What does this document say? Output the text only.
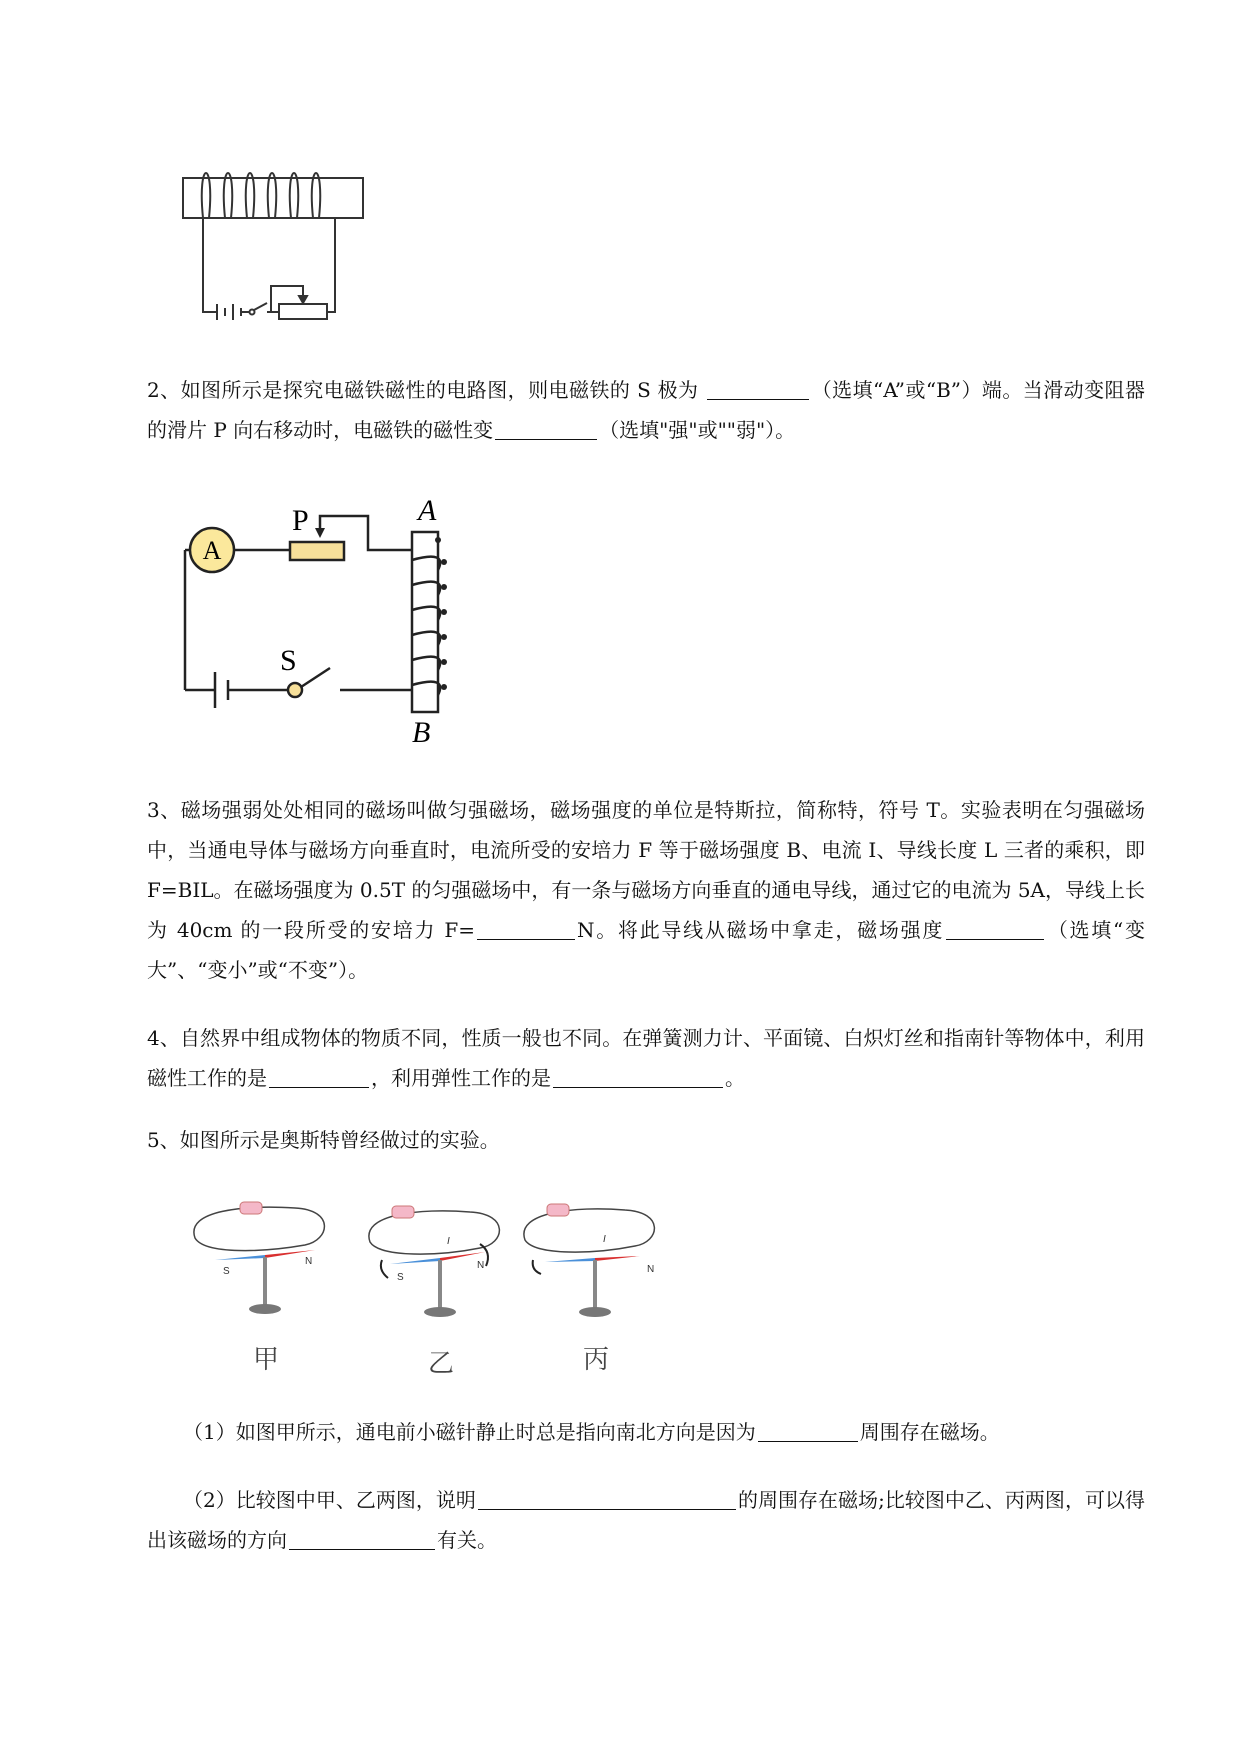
2、如图所示是探究电磁铁磁性的电路图，则电磁铁的 S 极为	（选填“A”或“B”）端。当滑动变阻器的滑片 P 向右移动时，电磁铁的磁性变	（选填"强"或""弱"）。
A
P
S
A
B
3、磁场强弱处处相同的磁场叫做匀强磁场，磁场强度的单位是特斯拉，简称特，符号 T。实验表明在匀强磁场中，当通电导体与磁场方向垂直时，电流所受的安培力 F 等于磁场强度 B、电流 I、导线长度 L 三者的乘积，即 F=BIL。在磁场强度为 0.5T 的匀强磁场中，有一条与磁场方向垂直的通电导线，通过它的电流为 5A，导线上长为 40cm 的一段所受的安培力 F=	N。将此导线从磁场中拿走，磁场强度	（选填“变大”、“变小”或“不变”）。
4、自然界中组成物体的物质不同，性质一般也不同。在弹簧测力计、平面镜、白炽灯丝和指南针等物体中，利用磁性工作的是	，利用弹性工作的是	。
5、如图所示是奥斯特曾经做过的实验。
S
N
S
N	N
I	I
甲	乙	丙
（1）如图甲所示，通电前小磁针静止时总是指向南北方向是因为	周围存在磁场。
（2）比较图中甲、乙两图，说明	的周围存在磁场;比较图中乙、丙两图，可以得出该磁场的方向	有关。
